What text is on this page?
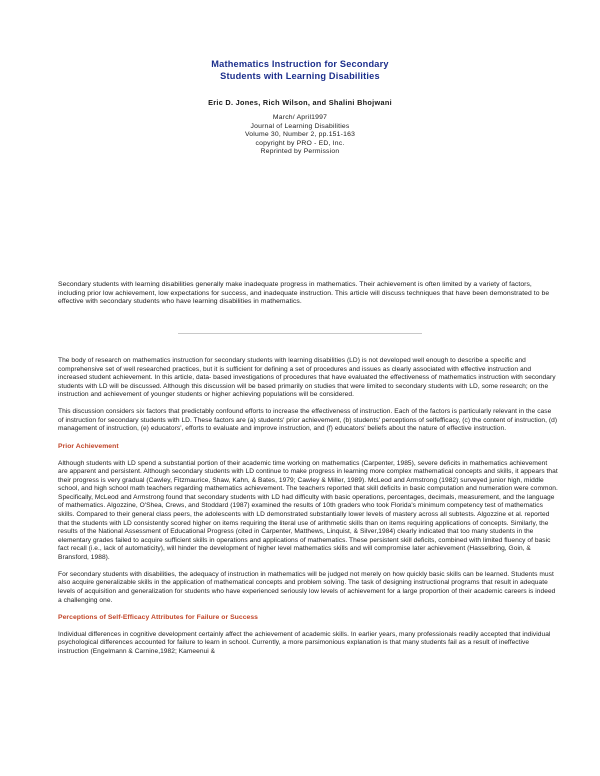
Mathematics Instruction for Secondary
Students with Learning Disabilities
Eric D. Jones, Rich Wilson, and Shalini Bhojwani
March/ April1997
Journal of Learning Disabilities
Volume 30, Number 2, pp.151-163
copyright by PRO - ED, Inc.
Reprinted by Permission
Secondary students with learning disabilities generally make inadequate progress in mathematics. Their achievement is often limited by a variety of factors, including prior low achievement, low expectations for success, and inadequate instruction. This article will discuss techniques that have been demonstrated to be effective with secondary students who have learning disabilities in mathematics.

The body of research on mathematics instruction for secondary students with learning disabilities (LD) is not developed well enough to describe a specific and comprehensive set of well researched practices, but it is sufficient for defining a set of procedures and issues as clearly associated with effective instruction and increased student achievement. In this article, data- based investigations of procedures that have evaluated the effectiveness of mathematics instruction with secondary students with LD will be discussed. Although this discussion will be based primarily on studies that were limited to secondary students with LD, some research; on the instruction and achievement of younger students or higher achieving populations will be considered.

This discussion considers six factors that predictably confound efforts to increase the effectiveness of instruction. Each of the factors is particularly relevant in the case of instruction for secondary students with LD. These factors are (a) students' prior achievement, (b) students' perceptions of selfefficacy, (c) the content of instruction, (d) management of instruction, (e) educators', efforts to evaluate and improve instruction, and (f) educators' beliefs about the nature of effective instruction.

Prior Achievement

Although students with LD spend a substantial portion of their academic time working on mathematics (Carpenter, 1985), severe deficits in mathematics achievement are apparent and persistent. Although secondary students with LD continue to make progress in learning more complex mathematical concepts and skills, it appears that their progress is very gradual (Cawley, Fitzmaurice, Shaw, Kahn, & Bates, 1979; Cawley & Miller, 1989). McLeod and Armstrong (1982) surveyed junior high, middle school, and high school math teachers regarding mathematics achievement. The teachers reported that skill deficits in basic computation and numeration were common. Specifically, McLeod and Armstrong found that secondary students with LD had difficulty with basic operations, percentages, decimals, measurement, and the language of mathematics. Algozzine, O'Shea, Crews, and Stoddard (1987) examined the results of 10th graders who took Florida's minimum competency test of mathematics skills. Compared to their general class peers, the adolescents with LD demonstrated substantially lower levels of mastery across all subtests. Algozzine et al. reported that the students with LD consistently scored higher on items requiring the literal use of arithmetic skills than on items requiring applications of concepts. Similarly, the results of the National Assessment of Educational Progress (cited in Carpenter, Matthews, Linquist, & Silver,1984) clearly indicated that too many students in the elementary grades failed to acquire sufficient skills in operations and applications of mathematics. These persistent skill deficits, combined with limited fluency of basic fact recall (i.e., lack of automaticity), will hinder the development of higher level mathematics skills and will compromise later achievement (Hasselbring, Goin, & Bransford, 1988).

For secondary students with disabilities, the adequacy of instruction in mathematics will be judged not merely on how quickly basic skills can be learned. Students must also acquire generalizable skills in the application of mathematical concepts and problem solving. The task of designing instructional programs that result in adequate levels of acquisition and generalization for students who have experienced seriously low levels of achievement for a large proportion of their academic careers is indeed a challenging one.

Perceptions of Self-Efficacy Attributes for Failure or Success

Individual differences in cognitive development certainly affect the achievement of academic skills. In earlier years, many professionals readily accepted that individual psychological differences accounted for failure to learn in school. Currently, a more parsimonious explanation is that many students fail as a result of ineffective instruction (Engelmann & Carnine,1982; Kameenui &
